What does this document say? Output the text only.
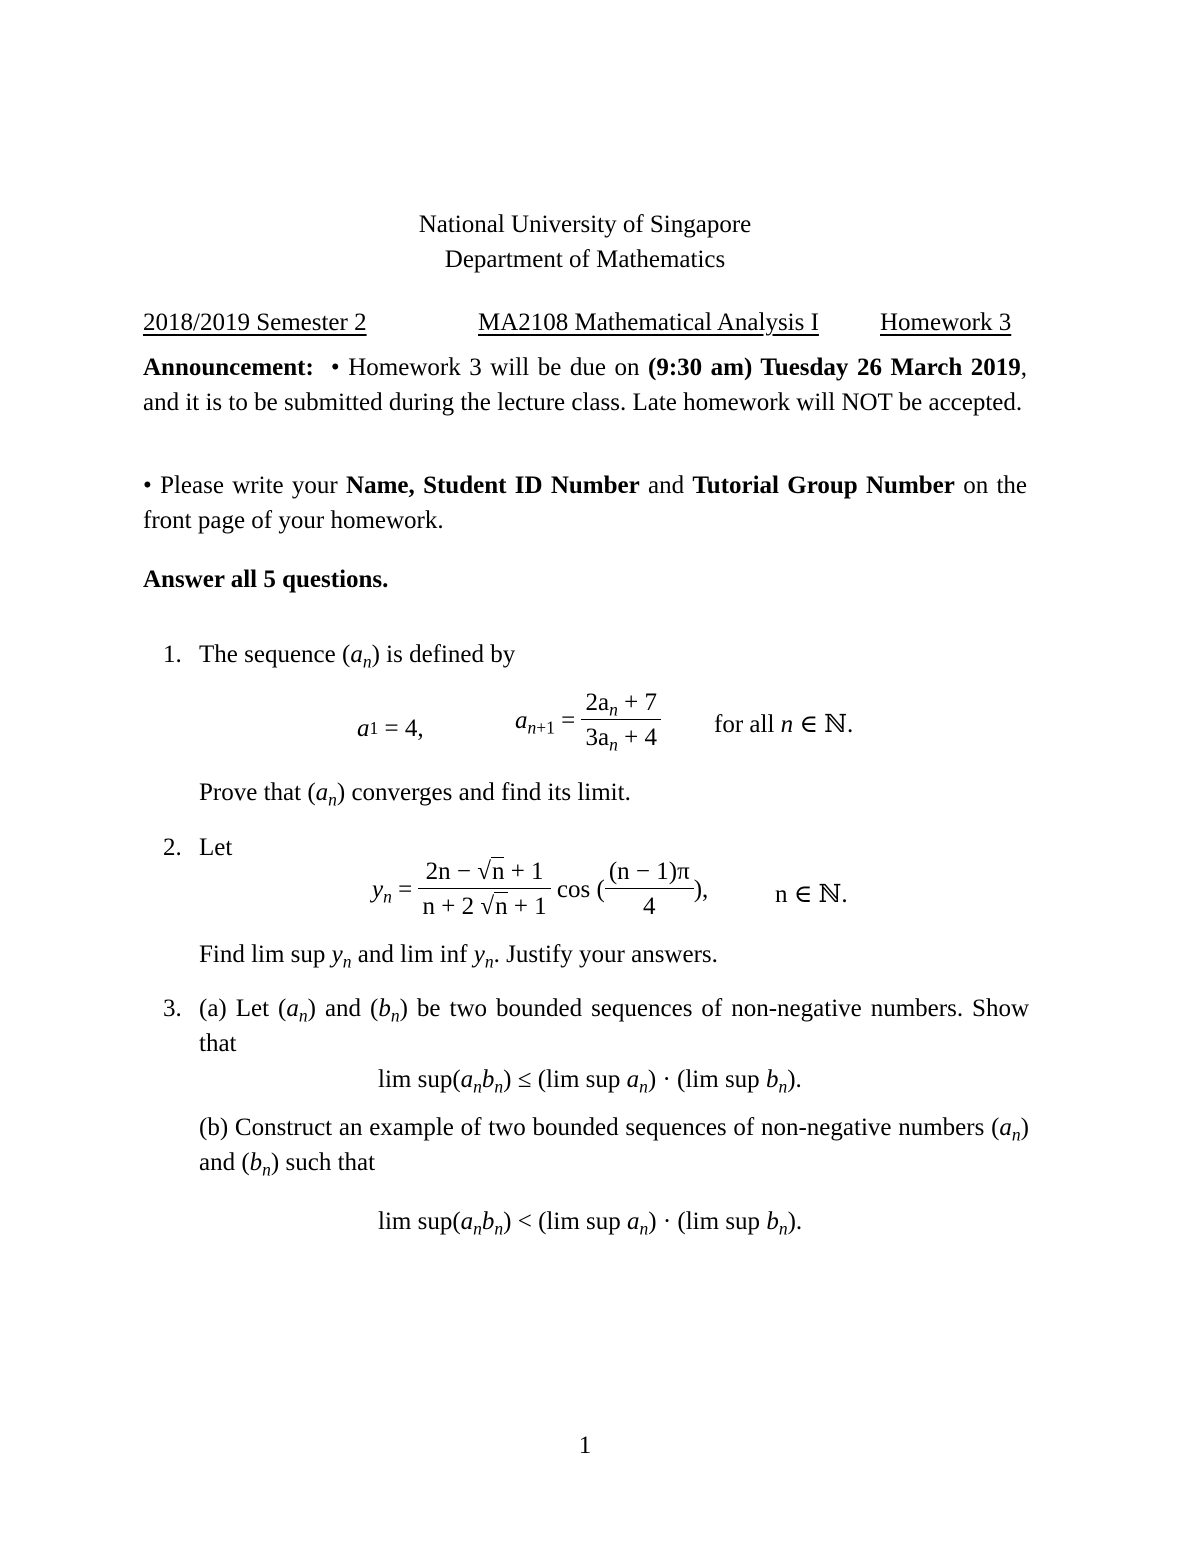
National University of Singapore
Department of Mathematics
2018/2019 Semester 2	MA2108 Mathematical Analysis I Homework 3
Announcement: • Homework 3 will be due on (9:30 am) Tuesday 26 March 2019, and it is to be submitted during the lecture class. Late homework will NOT be accepted.
• Please write your Name, Student ID Number and Tutorial Group Number on the front page of your homework.
Answer all 5 questions.
1. The sequence $(a_n)$ is defined by
a 1
= 4,	$a_{n+1} = \frac{2a_n + 7}{3a_n + 4}$ for all n ∈ ℕ.
Prove that $(a_n)$ converges and find its limit.
2. Let
$y_n = \frac{2n - √n + 1}{n + 2 √n + 1}$ cos ( $\frac{(n - 1)\pi}{4}$ ),	n ∈ ℕ.
Find lim sup $y_n$ and lim inf $y_n$. Justify your answers.
3. (a) Let $(a_n)$ and $(b_n)$ be two bounded sequences of non-negative numbers. Show that
$\lim sup(a_nb_n) \le (\lim$ sup $a_n) \cdot (\lim$ sup $b_n$).
(b) Construct an example of two bounded sequences of non-negative numbers $(a_n)$ and $(b_n)$ such that
$\lim sup(a_nb_n) < (\lim$ sup $a_n) \cdot (\lim$ sup $b_n$).
1
